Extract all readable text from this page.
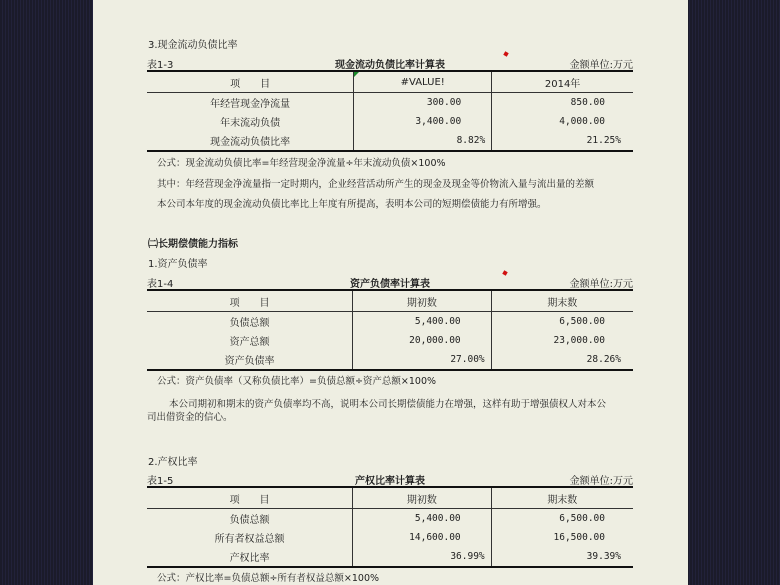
3.现金流动负债比率
表1-3	现金流动负债比率计算表	金额单位:万元
项　　目	#VALUE!	2014年
年经营现金净流量	300.00	850.00
年末流动负债	3,400.00	4,000.00
现金流动负债比率	8.82%	21.25%
公式：现金流动负债比率=年经营现金净流量÷年末流动负债×100%
其中：年经营现金净流量指一定时期内，企业经营活动所产生的现金及现金等价物流入量与流出量的差额
本公司本年度的现金流动负债比率比上年度有所提高，表明本公司的短期偿债能力有所增强。
㈡长期偿债能力指标
1.资产负债率
表1-4	资产负债率计算表	金额单位:万元
项　　目	期初数	期末数
负债总额	5,400.00	6,500.00
资产总额	20,000.00	23,000.00
资产负债率	27.00%	28.26%
公式：资产负债率（又称负债比率）=负债总额÷资产总额×100%
本公司期初和期末的资产负债率均不高，说明本公司长期偿债能力在增强，这样有助于增强债权人对本公
司出借资金的信心。
2.产权比率
表1-5	产权比率计算表	金额单位:万元
项　　目	期初数	期末数
负债总额	5,400.00	6,500.00
所有者权益总额	14,600.00	16,500.00
产权比率	36.99%	39.39%
公式：产权比率=负债总额÷所有者权益总额×100%
